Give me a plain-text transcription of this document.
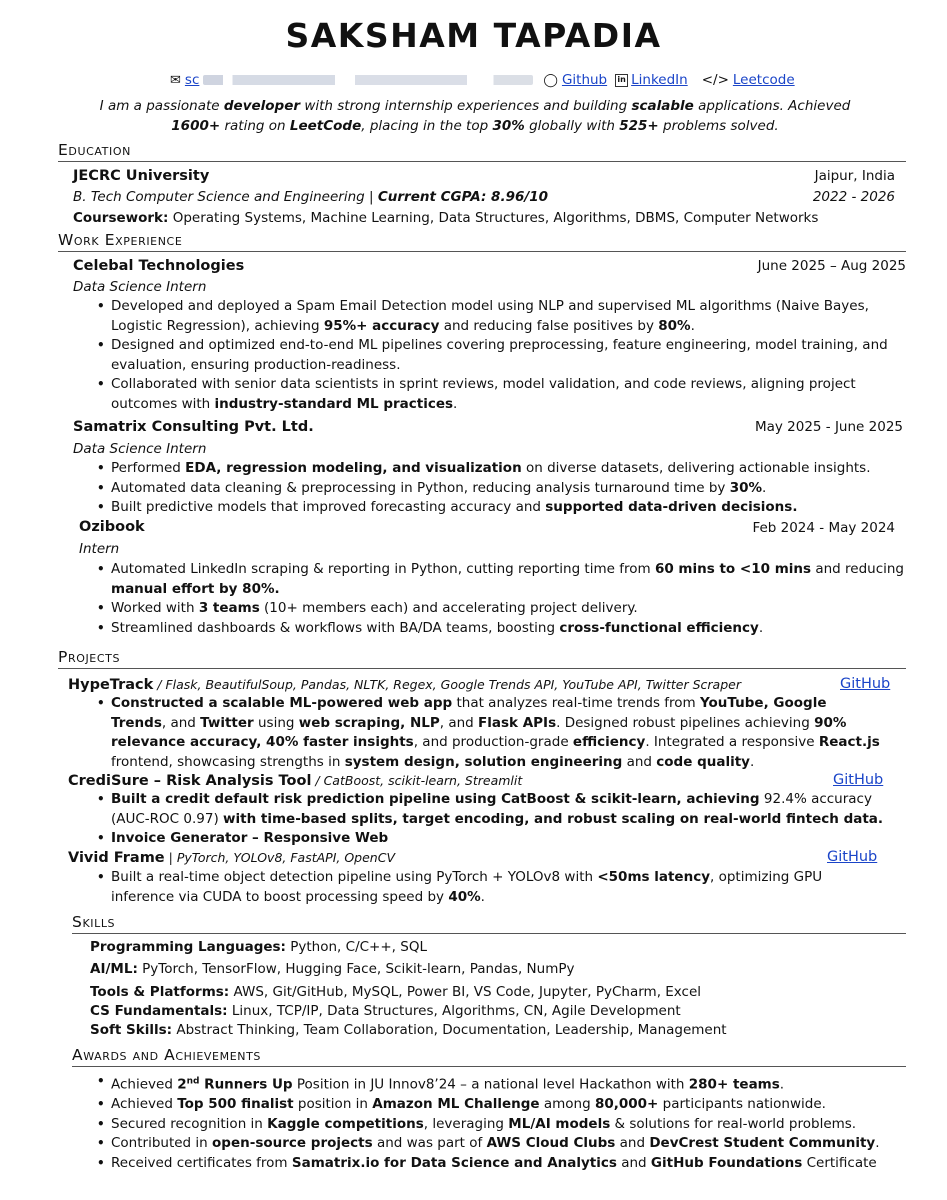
SAKSHAM TAPADIA
✉ sc	◯ Github in LinkedIn </> Leetcode
I am a passionate developer with strong internship experiences and building scalable applications. Achieved
1600+ rating on LeetCode, placing in the top 30% globally with 525+ problems solved.
Education
JECRC University	Jaipur, India
B. Tech Computer Science and Engineering | Current CGPA: 8.96/10	2022 - 2026
Coursework: Operating Systems, Machine Learning, Data Structures, Algorithms, DBMS, Computer Networks
Work Experience
Celebal Technologies	June 2025 – Aug 2025
Data Science Intern
• Developed and deployed a Spam Email Detection model using NLP and supervised ML algorithms (Naive Bayes,
Logistic Regression), achieving 95%+ accuracy and reducing false positives by 80%.
• Designed and optimized end-to-end ML pipelines covering preprocessing, feature engineering, model training, and
evaluation, ensuring production-readiness.
• Collaborated with senior data scientists in sprint reviews, model validation, and code reviews, aligning project
outcomes with industry-standard ML practices.
Samatrix Consulting Pvt. Ltd.	May 2025 - June 2025
Data Science Intern
• Performed EDA, regression modeling, and visualization on diverse datasets, delivering actionable insights.
• Automated data cleaning & preprocessing in Python, reducing analysis turnaround time by 30%.
• Built predictive models that improved forecasting accuracy and supported data-driven decisions.
Ozibook	Feb 2024 - May 2024
Intern
• Automated LinkedIn scraping & reporting in Python, cutting reporting time from 60 mins to <10 mins and reducing
manual effort by 80%.
• Worked with 3 teams (10+ members each) and accelerating project delivery.
• Streamlined dashboards & workflows with BA/DA teams, boosting cross-functional efficiency.
Projects
HypeTrack / Flask, BeautifulSoup, Pandas, NLTK, Regex, Google Trends API, YouTube API, Twitter Scraper	GitHub
• Constructed a scalable ML-powered web app that analyzes real-time trends from YouTube, Google
Trends, and Twitter using web scraping, NLP, and Flask APIs. Designed robust pipelines achieving 90%
relevance accuracy, 40% faster insights, and production-grade efficiency. Integrated a responsive React.js
frontend, showcasing strengths in system design, solution engineering and code quality.
CrediSure – Risk Analysis Tool / CatBoost, scikit-learn, Streamlit	GitHub
• Built a credit default risk prediction pipeline using CatBoost & scikit-learn, achieving 92.4% accuracy
(AUC-ROC 0.97) with time-based splits, target encoding, and robust scaling on real-world fintech data.
• Invoice Generator – Responsive Web
Vivid Frame | PyTorch, YOLOv8, FastAPI, OpenCV	GitHub
• Built a real-time object detection pipeline using PyTorch + YOLOv8 with <50ms latency, optimizing GPU
inference via CUDA to boost processing speed by 40%.
Skills
Programming Languages: Python, C/C++, SQL
AI/ML: PyTorch, TensorFlow, Hugging Face, Scikit-learn, Pandas, NumPy
Tools & Platforms: AWS, Git/GitHub, MySQL, Power BI, VS Code, Jupyter, PyCharm, Excel
CS Fundamentals: Linux, TCP/IP, Data Structures, Algorithms, CN, Agile Development
Soft Skills: Abstract Thinking, Team Collaboration, Documentation, Leadership, Management
Awards and Achievements
• Achieved 2nd Runners Up Position in JU Innov8’24 – a national level Hackathon with 280+ teams.
• Achieved Top 500 finalist position in Amazon ML Challenge among 80,000+ participants nationwide.
• Secured recognition in Kaggle competitions, leveraging ML/AI models & solutions for real-world problems.
• Contributed in open-source projects and was part of AWS Cloud Clubs and DevCrest Student Community.
• Received certificates from Samatrix.io for Data Science and Analytics and GitHub Foundations Certificate
